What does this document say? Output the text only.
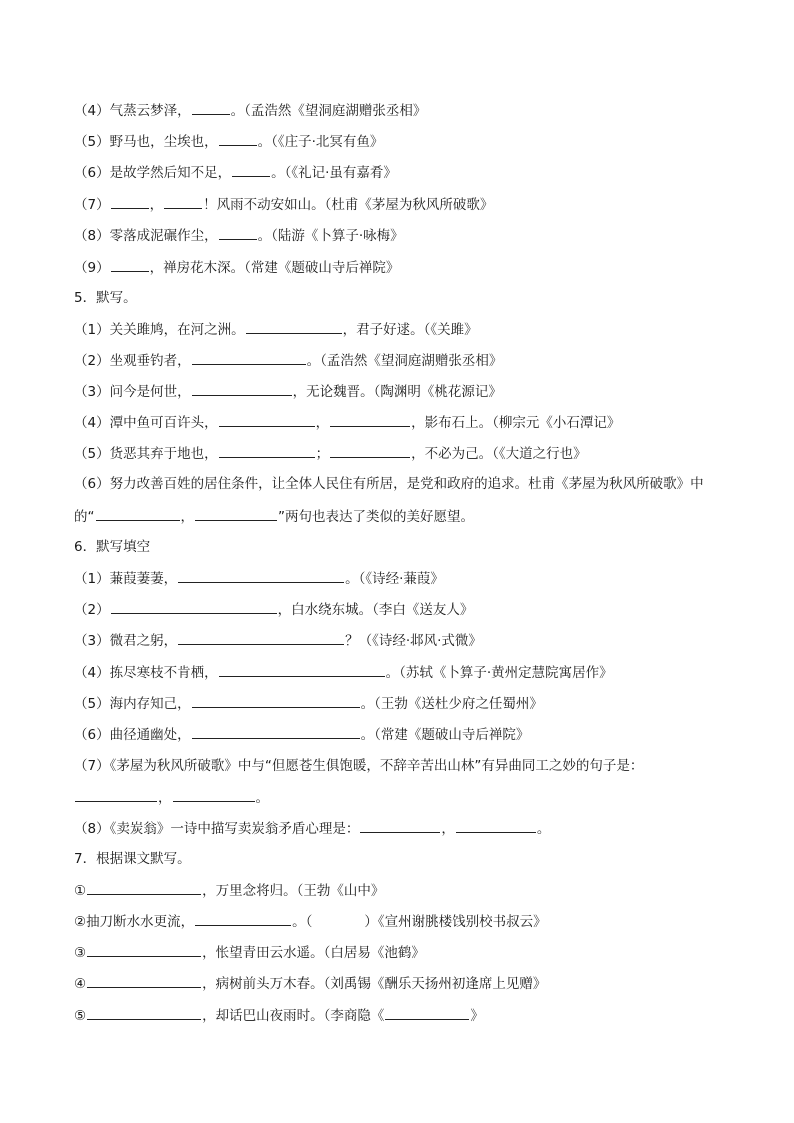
（4）气蒸云梦泽，	。（孟浩然《望洞庭湖赠张丞相》
（5）野马也，尘埃也，	。（《庄子·北冥有鱼》
（6）是故学然后知不足，	。（《礼记·虽有嘉肴》
（7）	，	！风雨不动安如山。（杜甫《茅屋为秋风所破歌》
（8）零落成泥碾作尘，	。（陆游《卜算子·咏梅》
（9）	，禅房花木深。（常建《题破山寺后禅院》
5．默写。
（1）关关雎鸠，在河之洲。	，君子好逑。（《关雎》
（2）坐观垂钓者，	。（孟浩然《望洞庭湖赠张丞相》
（3）问今是何世，	，无论魏晋。（陶渊明《桃花源记》
（4）潭中鱼可百许头，	，	，影布石上。（柳宗元《小石潭记》
（5）货恶其弃于地也，	；	，不必为己。（《大道之行也》
（6）努力改善百姓的居住条件，让全体人民住有所居，是党和政府的追求。杜甫《茅屋为秋风所破歌》中
的“	，	”两句也表达了类似的美好愿望。
6．默写填空
（1）蒹葭萋萋，	。（《诗经·蒹葭》
（2）	，白水绕东城。（李白《送友人》
（3）微君之躬，	？（《诗经·邶风·式微》
（4）拣尽寒枝不肯栖，	。（苏轼《卜算子·黄州定慧院寓居作》
（5）海内存知己，	。（王勃《送杜少府之任蜀州》
（6）曲径通幽处，	。（常建《题破山寺后禅院》
（7）《茅屋为秋风所破歌》中与“但愿苍生俱饱暖，不辞辛苦出山林”有异曲同工之妙的句子是：
，	。
（8）《卖炭翁》一诗中描写卖炭翁矛盾心理是：	，	。
7．根据课文默写。
①	，万里念将归。（王勃《山中》
②抽刀断水水更流，	。（	）《宣州谢朓楼饯别校书叔云》
③	，怅望青田云水遥。（白居易《池鹤》
④	，病树前头万木春。（刘禹锡《酬乐天扬州初逢席上见赠》
⑤	，却话巴山夜雨时。（李商隐《	》
